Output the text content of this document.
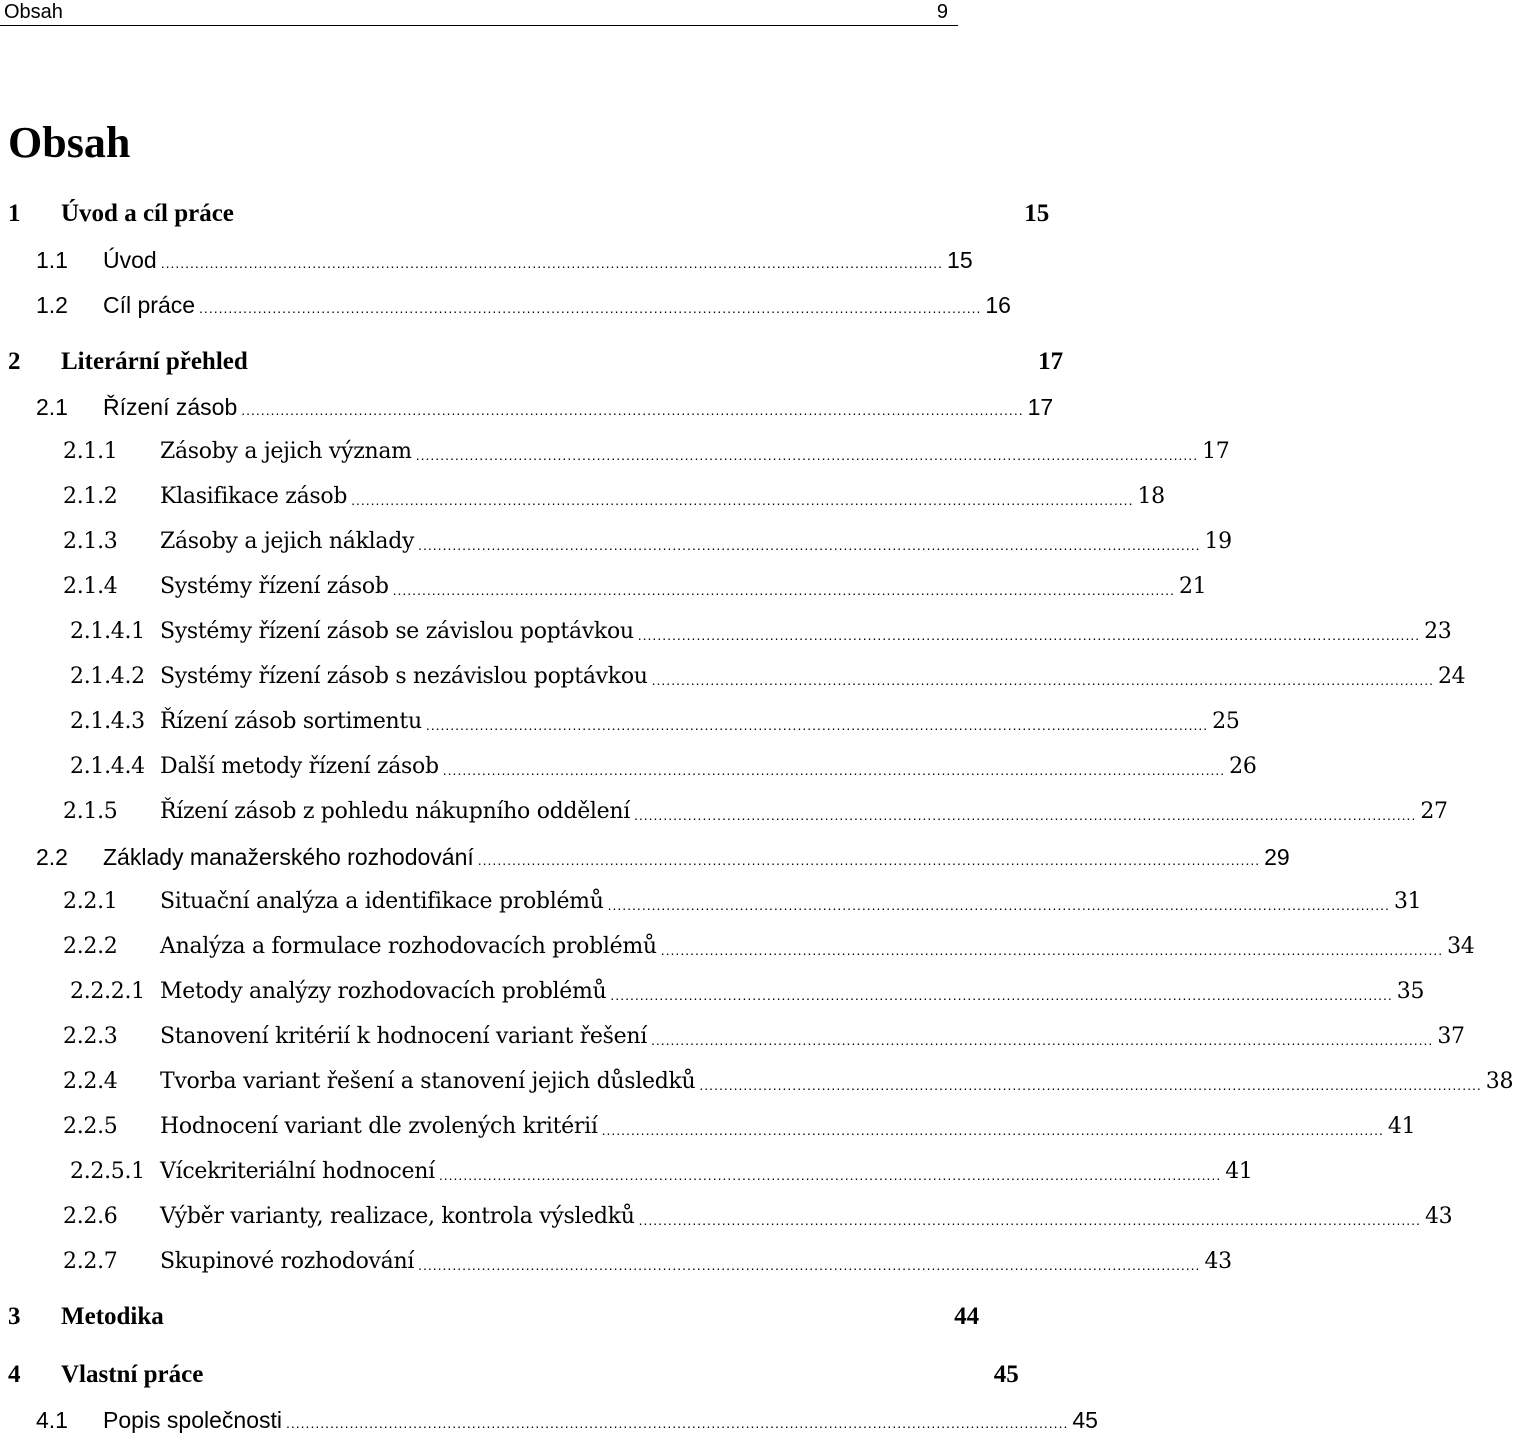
Obsah	9
Obsah
1 Úvod a cíl práce	15
1.1 Úvod ................................................................................................................................................................ 15
1.2 Cíl práce ................................................................................................................................................................ 16
2 Literární přehled	17
2.1 Řízení zásob ................................................................................................................................................................ 17
2.1.1 Zásoby a jejich význam ................................................................................................................................................................ 17
2.1.2 Klasifikace zásob ................................................................................................................................................................ 18
2.1.3 Zásoby a jejich náklady ................................................................................................................................................................ 19
2.1.4 Systémy řízení zásob ................................................................................................................................................................ 21
2.1.4.1 Systémy řízení zásob se závislou poptávkou ................................................................................................................................................................ 23
2.1.4.2 Systémy řízení zásob s nezávislou poptávkou ................................................................................................................................................................ 24
2.1.4.3 Řízení zásob sortimentu ................................................................................................................................................................ 25
2.1.4.4 Další metody řízení zásob ................................................................................................................................................................ 26
2.1.5 Řízení zásob z pohledu nákupního oddělení ................................................................................................................................................................ 27
2.2 Základy manažerského rozhodování ................................................................................................................................................................ 29
2.2.1 Situační analýza a identifikace problémů ................................................................................................................................................................ 31
2.2.2 Analýza a formulace rozhodovacích problémů ................................................................................................................................................................ 34
2.2.2.1 Metody analýzy rozhodovacích problémů ................................................................................................................................................................ 35
2.2.3 Stanovení kritérií k hodnocení variant řešení ................................................................................................................................................................ 37
2.2.4 Tvorba variant řešení a stanovení jejich důsledků ................................................................................................................................................................ 38
2.2.5 Hodnocení variant dle zvolených kritérií ................................................................................................................................................................ 41
2.2.5.1 Vícekriteriální hodnocení ................................................................................................................................................................ 41
2.2.6 Výběr varianty, realizace, kontrola výsledků ................................................................................................................................................................ 43
2.2.7 Skupinové rozhodování ................................................................................................................................................................ 43
3 Metodika	44
4 Vlastní práce	45
4.1 Popis společnosti ................................................................................................................................................................ 45
